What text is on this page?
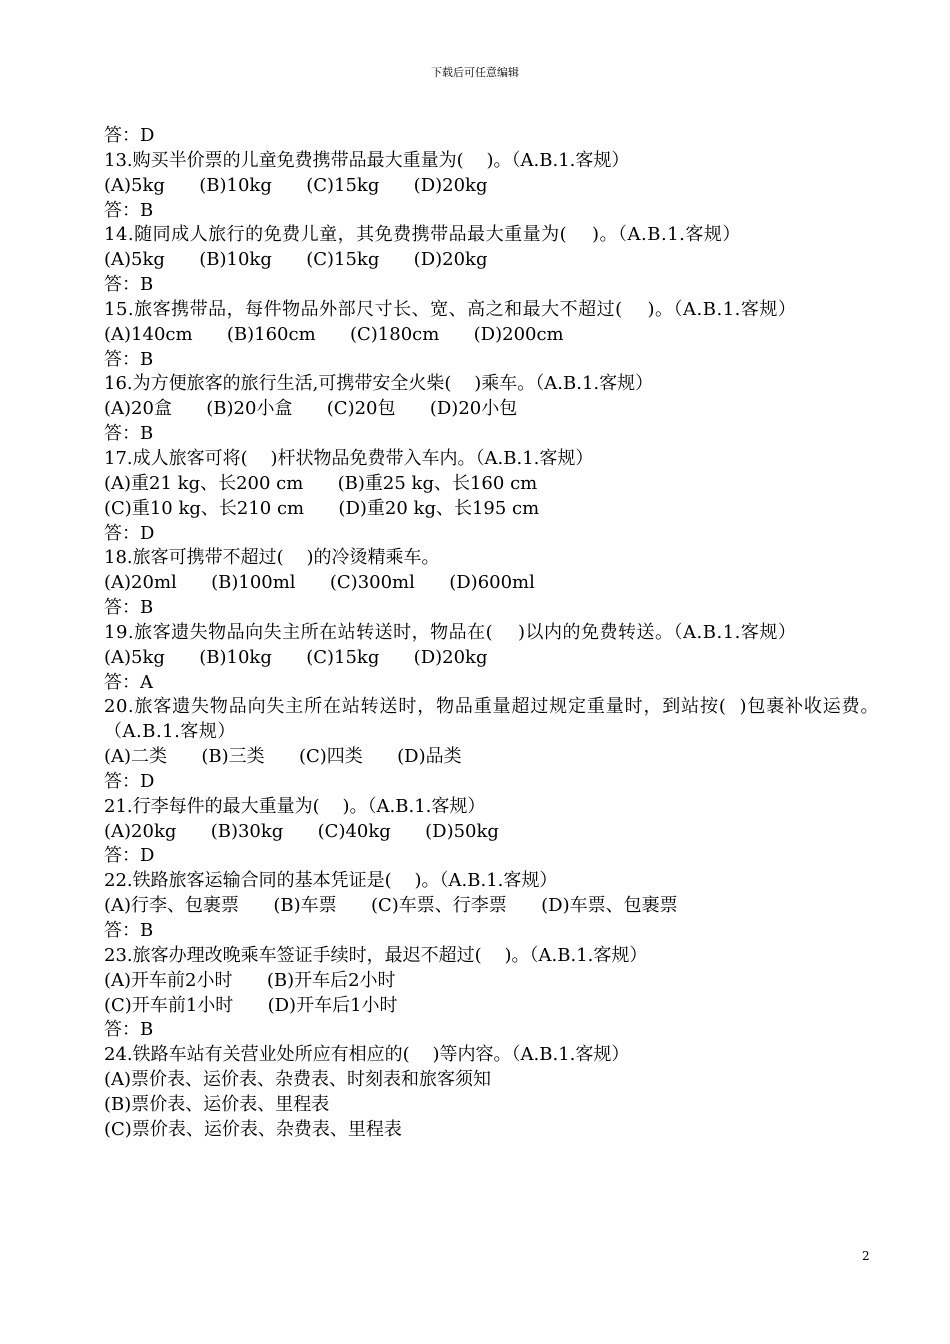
下载后可任意编辑
答：D
13.购买半价票的儿童免费携带品最大重量为(    )。（A.B.1.客规）
(A)5kg      (B)10kg      (C)15kg      (D)20kg
答：B
14.随同成人旅行的免费儿童，其免费携带品最大重量为(    )。（A.B.1.客规）
(A)5kg      (B)10kg      (C)15kg      (D)20kg
答：B
15.旅客携带品，每件物品外部尺寸长、宽、高之和最大不超过(    )。（A.B.1.客规）
(A)140cm      (B)160cm      (C)180cm      (D)200cm
答：B
16.为方便旅客的旅行生活,可携带安全火柴(    )乘车。（A.B.1.客规）
(A)20盒      (B)20小盒      (C)20包      (D)20小包
答：B
17.成人旅客可将(    )杆状物品免费带入车内。（A.B.1.客规）
(A)重21 kg、长200 cm      (B)重25 kg、长160 cm
(C)重10 kg、长210 cm      (D)重20 kg、长195 cm
答：D
18.旅客可携带不超过(    )的冷烫精乘车。
(A)20ml      (B)100ml      (C)300ml      (D)600ml
答：B
19.旅客遗失物品向失主所在站转送时，物品在(    )以内的免费转送。（A.B.1.客规）
(A)5kg      (B)10kg      (C)15kg      (D)20kg
答：A
20.旅客遗失物品向失主所在站转送时，物品重量超过规定重量时，到站按(  )包裹补收运费。（A.B.1.客规）
(A)二类      (B)三类      (C)四类      (D)品类
答：D
21.行李每件的最大重量为(    )。（A.B.1.客规）
(A)20kg      (B)30kg      (C)40kg      (D)50kg
答：D
22.铁路旅客运输合同的基本凭证是(    )。（A.B.1.客规）
(A)行李、包裹票      (B)车票      (C)车票、行李票      (D)车票、包裹票
答：B
23.旅客办理改晚乘车签证手续时，最迟不超过(    )。（A.B.1.客规）
(A)开车前2小时      (B)开车后2小时
(C)开车前1小时      (D)开车后1小时
答：B
24.铁路车站有关营业处所应有相应的(    )等内容。（A.B.1.客规）
(A)票价表、运价表、杂费表、时刻表和旅客须知
(B)票价表、运价表、里程表
(C)票价表、运价表、杂费表、里程表
2
